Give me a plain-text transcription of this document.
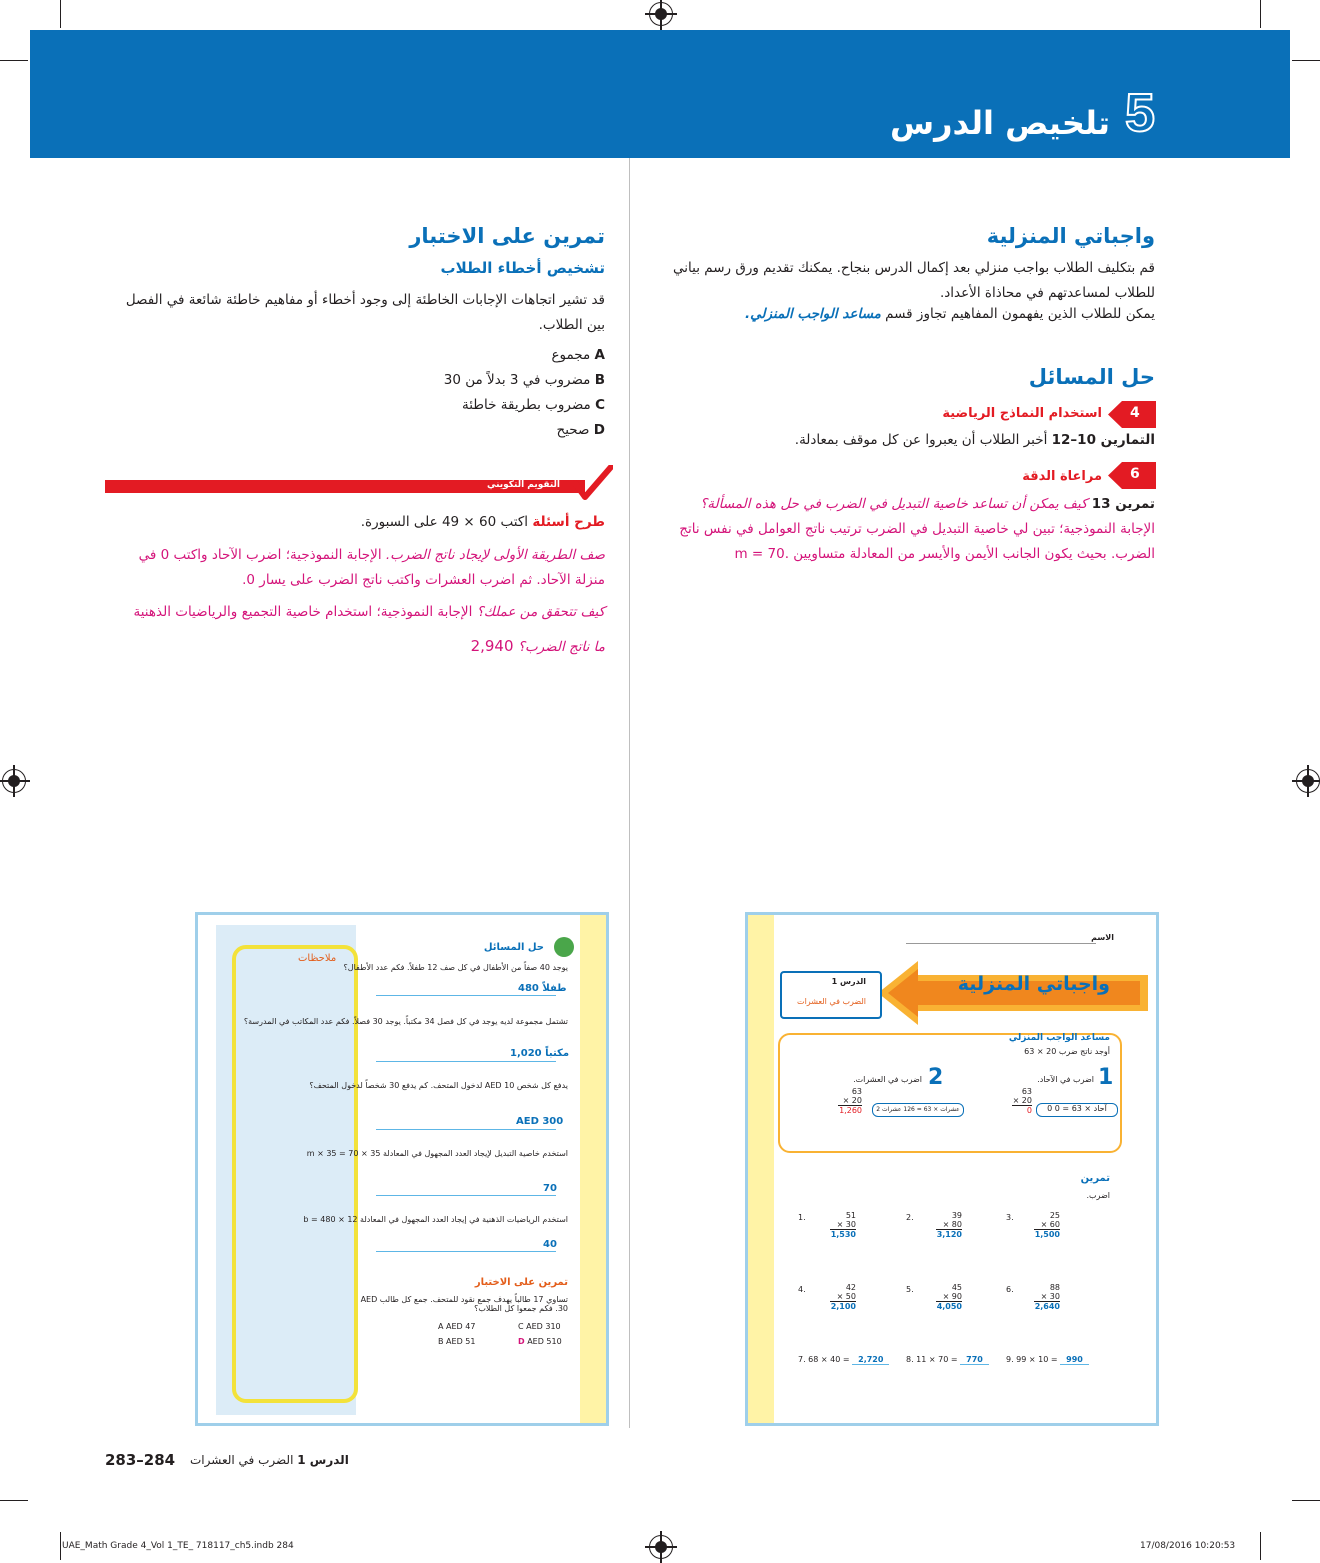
5
تلخيص الدرس
واجباتي المنزلية
قم بتكليف الطلاب بواجب منزلي بعد إكمال الدرس بنجاح. يمكنك تقديم ورق رسم بياني للطلاب لمساعدتهم في محاذاة الأعداد.
يمكن للطلاب الذين يفهمون المفاهيم تجاوز قسم مساعد الواجب المنزلي.
حل المسائل
4
استخدام النماذج الرياضية
التمارين 10–12 أخبر الطلاب أن يعبروا عن كل موقف بمعادلة.
6
مراعاة الدقة
تمرين 13 كيف يمكن أن تساعد خاصية التبديل في الضرب في حل هذه المسألة؟ الإجابة النموذجية؛ تبين لي خاصية التبديل في الضرب ترتيب ناتج العوامل في نفس ناتج الضرب. بحيث يكون الجانب الأيمن والأيسر من المعادلة متساويين m = 70.
تمرين على الاختبار
تشخيص أخطاء الطلاب
قد تشير اتجاهات الإجابات الخاطئة إلى وجود أخطاء أو مفاهيم خاطئة شائعة في الفصل بين الطلاب.
A مجموع
B مضروب في 3 بدلاً من 30
C مضروب بطريقة خاطئة
D صحيح
التقويم التكويني
طرح أسئلة اكتب 60 × 49 على السبورة.
صف الطريقة الأولى لإيجاد ناتج الضرب. الإجابة النموذجية؛ اضرب الآحاد واكتب 0 في منزلة الآحاد. ثم اضرب العشرات واكتب ناتج الضرب على يسار 0.
كيف تتحقق من عملك؟ الإجابة النموذجية؛ استخدام خاصية التجميع والرياضيات الذهنية
ما ناتج الضرب؟ 2,940
ملاحظات
حل المسائل
يوجد 40 صفاً من الأطفال في كل صف 12 طفلاً. فكم عدد الأطفال؟
480 طفلاً
تشتمل مجموعة لديه يوجد في كل فصل 34 مكتباً. يوجد 30 فصلاً. فكم عدد المكاتب في المدرسة؟
1,020 مكتباً
يدفع كل شخص AED 10 لدخول المتحف. كم يدفع 30 شخصاً لدخول المتحف؟
AED 300
استخدم خاصية التبديل لإيجاد العدد المجهول في المعادلة 35 × 70 = m × 35
70
استخدم الرياضيات الذهنية في إيجاد العدد المجهول في المعادلة 12 × b = 480
40
تمرين على الاختبار
تساوي 17 طالباً يهدف جمع نقود للمتحف. جمع كل طالب AED 30. فكم جمعوا كل الطلاب؟
A AED 47	C AED 310
B AED 51	D AED 510
الاسم
واجباتي المنزلية
الدرس 1
الضرب في العشرات
مساعد الواجب المنزلي
أوجد ناتج ضرب 20 × 63
1
اضرب في الآحاد.
2
اضرب في العشرات.
63
× 20
0	0 آحاد × 63 = 0
63
× 20
1,260	2 عشرات × 63 = 126 عشرات
تمرين
اضرب.
1.	51
× 30
1,530
2.	39
× 80
3,120
3.	25
× 60
1,500
4.	42
× 50
2,100
5.	45
× 90
4,050
6.	88
× 30
2,640
7. 68 × 40 = 2,720	8. 11 × 70 = 770	9. 99 × 10 = 990
283–284	الدرس 1 الضرب في العشرات
UAE_Math Grade 4_Vol 1_TE_ 718117_ch5.indb 284	17/08/2016 10:20:53
